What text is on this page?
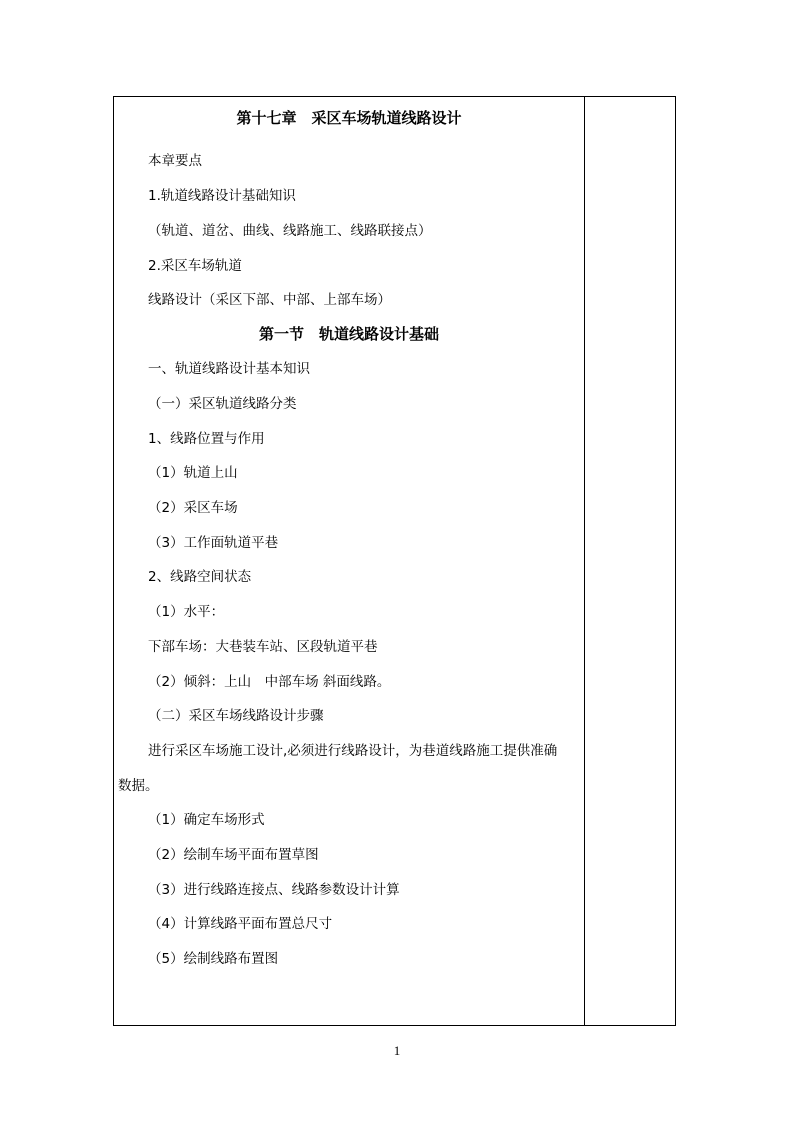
第十七章　采区车场轨道线路设计
本章要点
1.轨道线路设计基础知识
（轨道、道岔、曲线、线路施工、线路联接点）
2.采区车场轨道
线路设计（采区下部、中部、上部车场）
第一节　轨道线路设计基础
一、轨道线路设计基本知识
（一）采区轨道线路分类
1、线路位置与作用
（1）轨道上山
（2）采区车场
（3）工作面轨道平巷
2、线路空间状态
（1）水平：
下部车场：大巷装车站、区段轨道平巷
（2）倾斜：上山　中部车场 斜面线路。
（二）采区车场线路设计步骤
进行采区车场施工设计,必须进行线路设计，为巷道线路施工提供准确
数据。
（1）确定车场形式
（2）绘制车场平面布置草图
（3）进行线路连接点、线路参数设计计算
（4）计算线路平面布置总尺寸
（5）绘制线路布置图
1
